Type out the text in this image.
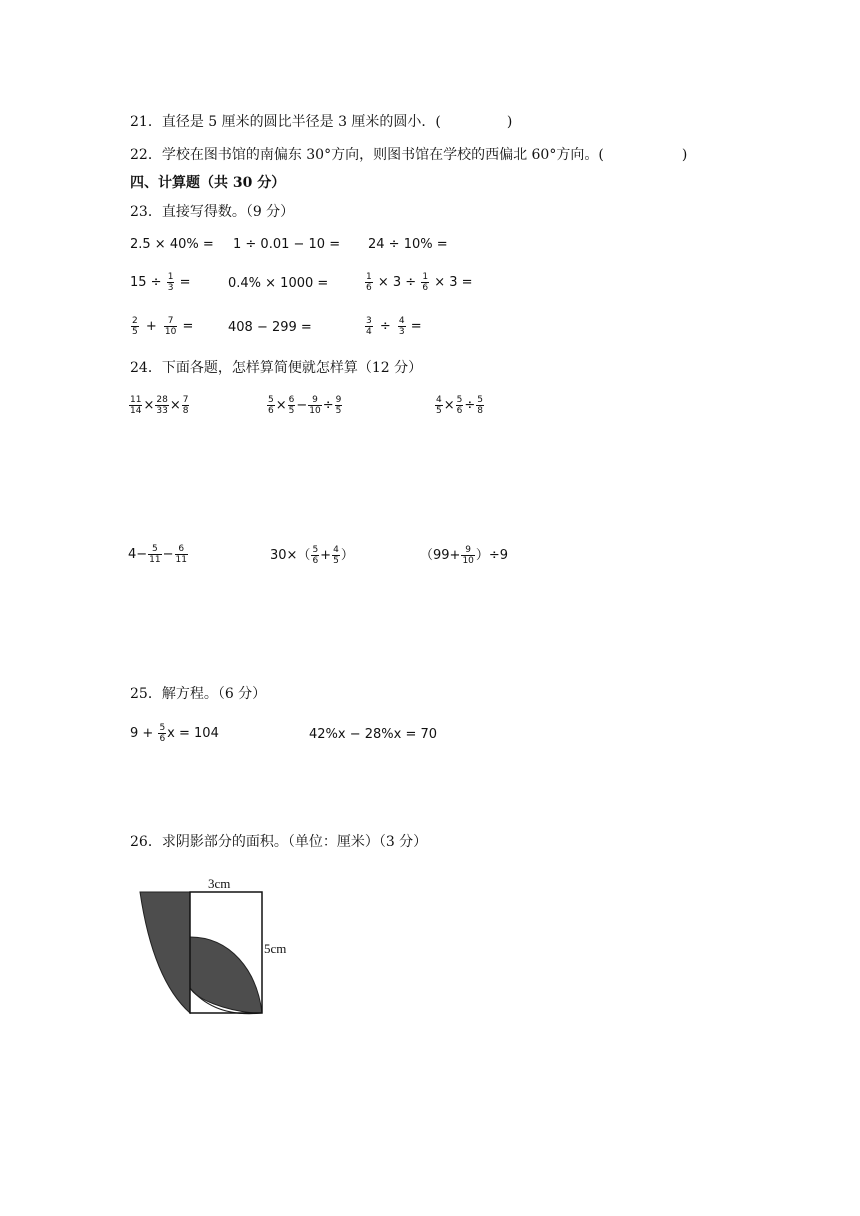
21．直径是 5 厘米的圆比半径是 3 厘米的圆小．(	)
22．学校在图书馆的南偏东 30°方向，则图书馆在学校的西偏北 60°方向。(	)
四、计算题（共 30 分）
23．直接写得数。（9 分）
2.5 × 40% = 1 ÷ 0.01 − 10 = 24 ÷ 10% =
$15 \div \frac{1}{3}$ =	0.4% × 1000 =	$\frac{1}{6} \times 3 \div \frac{1}{6} \times 3$ =
$\frac{2}{5} + \frac{7}{10}$ =	408 − 299 =	$\frac{3}{4} \div \frac{4}{3}$ =
24．下面各题，怎样算简便就怎样算（12 分）
$\frac{11}{14} \times \frac{28}{33} \times \frac{7}{8}$	$\frac{5}{6} \times \frac{6}{5} - \frac{9}{10} \div \frac{9}{5}$	$\frac{4}{5} \times \frac{5}{6} \div \frac{5}{8}$
$4- \frac{5}{11} - \frac{6}{11}$	$30\times( \frac{5}{6} + \frac{4}{5}$ ）	$(99+ \frac{9}{10} )\div 9$
25．解方程。（6 分）
$9 + \frac{5}{6}$ x = 104	42%x − 28%x = 70
26．求阴影部分的面积。（单位：厘米）（3 分）
3cm
5cm
